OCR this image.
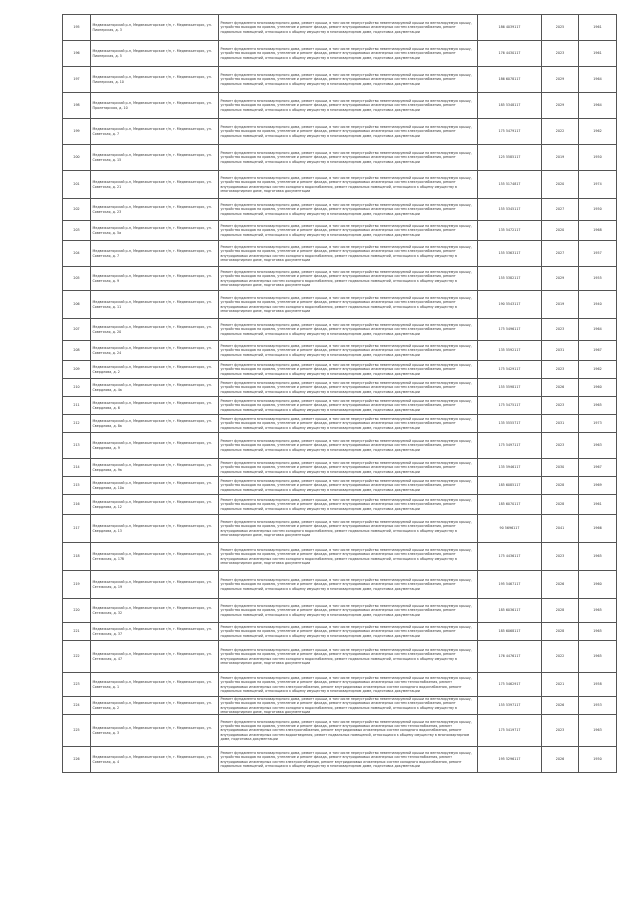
195	Медвежьегорский р-н, Медвежьегорское г/п, г. Медвежьегорск, ул. Пионерская, д. 3	Ремонт фундамента многоквартирного дома, ремонт крыши, в том числе переустройство невентилируемой крыши на вентилируемую крышу, устройство выходов на кровлю, утепление и ремонт фасада, ремонт внутридомовых инженерных систем электроснабжения, ремонт подвальных помещений, относящихся к общему имуществу в многоквартирном доме, подготовка документации	186 4039117	2025	1961
196	Медвежьегорский р-н, Медвежьегорское г/п, г. Медвежьегорск, ул. Пионерская, д. 5	Ремонт фундамента многоквартирного дома, ремонт крыши, в том числе переустройство невентилируемой крыши на вентилируемую крышу, устройство выходов на кровлю, утепление и ремонт фасада, ремонт внутридомовых инженерных систем электроснабжения, ремонт подвальных помещений, относящихся к общему имуществу в многоквартирном доме, подготовка документации	176 4430117	2023	1961
197	Медвежьегорский р-н, Медвежьегорское г/п, г. Медвежьегорск, ул. Пионерская, д. 10	Ремонт фундамента многоквартирного дома, ремонт крыши, в том числе переустройство невентилируемой крыши на вентилируемую крышу, устройство выходов на кровлю, утепление и ремонт фасада, ремонт внутридомовых инженерных систем электроснабжения, ремонт подвальных помещений, относящихся к общему имуществу в многоквартирном доме, подготовка документации	186 6078117	2029	1964
198	Медвежьегорский р-н, Медвежьегорское г/п, г. Медвежьегорск, ул. Пролетарская, д. 10	Ремонт фундамента многоквартирного дома, ремонт крыши, в том числе переустройство невентилируемой крыши на вентилируемую крышу, устройство выходов на кровлю, утепление и ремонт фасада, ремонт внутридомовых инженерных систем электроснабжения, ремонт подвальных помещений, относящихся к общему имуществу в многоквартирном доме, подготовка документации	185 5348117	2029	1964
199	Медвежьегорский р-н, Медвежьегорское г/п, г. Медвежьегорск, ул. Советская, д. 7	Ремонт фундамента многоквартирного дома, ремонт крыши, в том числе переустройство невентилируемой крыши на вентилируемую крышу, устройство выходов на кровлю, утепление и ремонт фасада, ремонт внутридомовых инженерных систем электроснабжения, ремонт подвальных помещений, относящихся к общему имуществу в многоквартирном доме, подготовка документации	175 5479117	2022	1962
200	Медвежьегорский р-н, Медвежьегорское г/п, г. Медвежьегорск, ул. Советская, д. 15	Ремонт фундамента многоквартирного дома, ремонт крыши, в том числе переустройство невентилируемой крыши на вентилируемую крышу, устройство выходов на кровлю, утепление и ремонт фасада, ремонт внутридомовых инженерных систем электроснабжения, ремонт подвальных помещений, относящихся к общему имуществу в многоквартирном доме, подготовка документации	125 5585117	2019	1950
201	Медвежьегорский р-н, Медвежьегорское г/п, г. Медвежьегорск, ул. Советская, д. 21	Ремонт фундамента многоквартирного дома, ремонт крыши, в том числе переустройство невентилируемой крыши на вентилируемую крышу, устройство выходов на кровлю, утепление и ремонт фасада, ремонт внутридомовых инженерных систем электроснабжения, ремонт внутридомовых инженерных систем холодного водоснабжения, ремонт подвальных помещений, относящихся к общему имуществу в многоквартирном доме, подготовка документации	155 5174817	2020	1974
202	Медвежьегорский р-н, Медвежьегорское г/п, г. Медвежьегорск, ул. Советская, д. 23	Ремонт фундамента многоквартирного дома, ремонт крыши, в том числе переустройство невентилируемой крыши на вентилируемую крышу, устройство выходов на кровлю, утепление и ремонт фасада, ремонт внутридомовых инженерных систем электроснабжения, ремонт подвальных помещений, относящихся к общему имуществу в многоквартирном доме, подготовка документации	155 5345117	2027	1950
203	Медвежьегорский р-н, Медвежьегорское г/п, г. Медвежьегорск, ул. Советская, д. 5а	Ремонт фундамента многоквартирного дома, ремонт крыши, в том числе переустройство невентилируемой крыши на вентилируемую крышу, устройство выходов на кровлю, утепление и ремонт фасада, ремонт внутридомовых инженерных систем электроснабжения, ремонт подвальных помещений, относящихся к общему имуществу в многоквартирном доме, подготовка документации	135 5472117	2020	1968
204	Медвежьегорский р-н, Медвежьегорское г/п, г. Медвежьегорск, ул. Советская, д. 7	Ремонт фундамента многоквартирного дома, ремонт крыши, в том числе переустройство невентилируемой крыши на вентилируемую крышу, устройство выходов на кровлю, утепление и ремонт фасада, ремонт внутридомовых инженерных систем электроснабжения, ремонт внутридомовых инженерных систем холодного водоснабжения, ремонт подвальных помещений, относящихся к общему имуществу в многоквартирном доме, подготовка документации	155 5363117	2027	1957
205	Медвежьегорский р-н, Медвежьегорское г/п, г. Медвежьегорск, ул. Советская, д. 9	Ремонт фундамента многоквартирного дома, ремонт крыши, в том числе переустройство невентилируемой крыши на вентилируемую крышу, устройство выходов на кровлю, утепление и ремонт фасада, ремонт внутридомовых инженерных систем электроснабжения, ремонт внутридомовых инженерных систем холодного водоснабжения, ремонт подвальных помещений, относящихся к общему имуществу в многоквартирном доме, подготовка документации	155 5382117	2029	1955
206	Медвежьегорский р-н, Медвежьегорское г/п, г. Медвежьегорск, ул. Советская, д. 11	Ремонт фундамента многоквартирного дома, ремонт крыши, в том числе переустройство невентилируемой крыши на вентилируемую крышу, устройство выходов на кровлю, утепление и ремонт фасада, ремонт внутридомовых инженерных систем электроснабжения, ремонт внутридомовых инженерных систем холодного водоснабжения, ремонт подвальных помещений, относящихся к общему имуществу в многоквартирном доме, подготовка документации	190 5543117	2019	1940
207	Медвежьегорский р-н, Медвежьегорское г/п, г. Медвежьегорск, ул. Советская, д. 20	Ремонт фундамента многоквартирного дома, ремонт крыши, в том числе переустройство невентилируемой крыши на вентилируемую крышу, устройство выходов на кровлю, утепление и ремонт фасада, ремонт внутридомовых инженерных систем электроснабжения, ремонт подвальных помещений, относящихся к общему имуществу в многоквартирном доме, подготовка документации	175 5496117	2023	1964
208	Медвежьегорский р-н, Медвежьегорское г/п, г. Медвежьегорск, ул. Советская, д. 24	Ремонт фундамента многоквартирного дома, ремонт крыши, в том числе переустройство невентилируемой крыши на вентилируемую крышу, устройство выходов на кровлю, утепление и ремонт фасада, ремонт внутридомовых инженерных систем электроснабжения, ремонт подвальных помещений, относящихся к общему имуществу в многоквартирном доме, подготовка документации	135 5592117	2031	1967
209	Медвежьегорский р-н, Медвежьегорское г/п, г. Медвежьегорск, ул. Свердлова, д. 2	Ремонт фундамента многоквартирного дома, ремонт крыши, в том числе переустройство невентилируемой крыши на вентилируемую крышу, устройство выходов на кровлю, утепление и ремонт фасада, ремонт внутридомовых инженерных систем электроснабжения, ремонт подвальных помещений, относящихся к общему имуществу в многоквартирном доме, подготовка документации	175 5429117	2023	1962
210	Медвежьегорский р-н, Медвежьегорское г/п, г. Медвежьегорск, ул. Свердлова, д. 4а	Ремонт фундамента многоквартирного дома, ремонт крыши, в том числе переустройство невентилируемой крыши на вентилируемую крышу, устройство выходов на кровлю, утепление и ремонт фасада, ремонт внутридомовых инженерных систем электроснабжения, ремонт подвальных помещений, относящихся к общему имуществу в многоквартирном доме, подготовка документации	155 5598117	2026	1960
211	Медвежьегорский р-н, Медвежьегорское г/п, г. Медвежьегорск, ул. Свердлова, д. 6	Ремонт фундамента многоквартирного дома, ремонт крыши, в том числе переустройство невентилируемой крыши на вентилируемую крышу, устройство выходов на кровлю, утепление и ремонт фасада, ремонт внутридомовых инженерных систем электроснабжения, ремонт подвальных помещений, относящихся к общему имуществу в многоквартирном доме, подготовка документации	175 5475117	2023	1965
212	Медвежьегорский р-н, Медвежьегорское г/п, г. Медвежьегорск, ул. Свердлова, д. 8а	Ремонт фундамента многоквартирного дома, ремонт крыши, в том числе переустройство невентилируемой крыши на вентилируемую крышу, устройство выходов на кровлю, утепление и ремонт фасада, ремонт внутридомовых инженерных систем электроснабжения, ремонт подвальных помещений, относящихся к общему имуществу в многоквартирном доме, подготовка документации	135 5555717	2031	1973
213	Медвежьегорский р-н, Медвежьегорское г/п, г. Медвежьегорск, ул. Свердлова, д. 9	Ремонт фундамента многоквартирного дома, ремонт крыши, в том числе переустройство невентилируемой крыши на вентилируемую крышу, устройство выходов на кровлю, утепление и ремонт фасада, ремонт внутридомовых инженерных систем электроснабжения, ремонт подвальных помещений, относящихся к общему имуществу в многоквартирном доме, подготовка документации	175 5497117	2023	1963
214	Медвежьегорский р-н, Медвежьегорское г/п, г. Медвежьегорск, ул. Свердлова, д. 9а	Ремонт фундамента многоквартирного дома, ремонт крыши, в том числе переустройство невентилируемой крыши на вентилируемую крышу, устройство выходов на кровлю, утепление и ремонт фасада, ремонт внутридомовых инженерных систем электроснабжения, ремонт подвальных помещений, относящихся к общему имуществу в многоквартирном доме, подготовка документации	135 5946117	2030	1967
215	Медвежьегорский р-н, Медвежьегорское г/п, г. Медвежьегорск, ул. Свердлова, д. 10а	Ремонт фундамента многоквартирного дома, ремонт крыши, в том числе переустройство невентилируемой крыши на вентилируемую крышу, устройство выходов на кровлю, утепление и ремонт фасада, ремонт внутридомовых инженерных систем электроснабжения, ремонт подвальных помещений, относящихся к общему имуществу в многоквартирном доме, подготовка документации	185 6085117	2028	1969
216	Медвежьегорский р-н, Медвежьегорское г/п, г. Медвежьегорск, ул. Свердлова, д. 12	Ремонт фундамента многоквартирного дома, ремонт крыши, в том числе переустройство невентилируемой крыши на вентилируемую крышу, устройство выходов на кровлю, утепление и ремонт фасада, ремонт внутридомовых инженерных систем электроснабжения, ремонт подвальных помещений, относящихся к общему имуществу в многоквартирном доме, подготовка документации	185 6070117	2028	1961
217	Медвежьегорский р-н, Медвежьегорское г/п, г. Медвежьегорск, ул. Свердлова, д. 13	Ремонт фундамента многоквартирного дома, ремонт крыши, в том числе переустройство невентилируемой крыши на вентилируемую крышу, устройство выходов на кровлю, утепление и ремонт фасада, ремонт внутридомовых инженерных систем электроснабжения, ремонт внутридомовых инженерных систем холодного водоснабжения, ремонт подвальных помещений, относящихся к общему имуществу в многоквартирном доме, подготовка документации	90 5696117	2041	1966
218	Медвежьегорский р-н, Медвежьегорское г/п, г. Медвежьегорск, ул. Сегежская, д. 17б	Ремонт фундамента многоквартирного дома, ремонт крыши, в том числе переустройство невентилируемой крыши на вентилируемую крышу, устройство выходов на кровлю, утепление и ремонт фасада, ремонт внутридомовых инженерных систем электроснабжения, ремонт внутридомовых инженерных систем холодного водоснабжения, ремонт подвальных помещений, относящихся к общему имуществу в многоквартирном доме, подготовка документации	175 4436117	2023	1965
219	Медвежьегорский р-н, Медвежьегорское г/п, г. Медвежьегорск, ул. Сегежская, д. 19	Ремонт фундамента многоквартирного дома, ремонт крыши, в том числе переустройство невентилируемой крыши на вентилируемую крышу, устройство выходов на кровлю, утепление и ремонт фасада, ремонт внутридомовых инженерных систем электроснабжения, ремонт подвальных помещений, относящихся к общему имуществу в многоквартирном доме, подготовка документации	195 5467117	2026	1960
220	Медвежьегорский р-н, Медвежьегорское г/п, г. Медвежьегорск, ул. Сегежская, д. 32	Ремонт фундамента многоквартирного дома, ремонт крыши, в том числе переустройство невентилируемой крыши на вентилируемую крышу, устройство выходов на кровлю, утепление и ремонт фасада, ремонт внутридомовых инженерных систем электроснабжения, ремонт подвальных помещений, относящихся к общему имуществу в многоквартирном доме, подготовка документации	185 6036117	2028	1965
221	Медвежьегорский р-н, Медвежьегорское г/п, г. Медвежьегорск, ул. Сегежская, д. 37	Ремонт фундамента многоквартирного дома, ремонт крыши, в том числе переустройство невентилируемой крыши на вентилируемую крышу, устройство выходов на кровлю, утепление и ремонт фасада, ремонт внутридомовых инженерных систем электроснабжения, ремонт подвальных помещений, относящихся к общему имуществу в многоквартирном доме, подготовка документации	185 6068117	2028	1965
222	Медвежьегорский р-н, Медвежьегорское г/п, г. Медвежьегорск, ул. Сегежская, д. 47	Ремонт фундамента многоквартирного дома, ремонт крыши, в том числе переустройство невентилируемой крыши на вентилируемую крышу, устройство выходов на кровлю, утепление и ремонт фасада, ремонт внутридомовых инженерных систем электроснабжения, ремонт внутридомовых инженерных систем холодного водоснабжения, ремонт подвальных помещений, относящихся к общему имуществу в многоквартирном доме, подготовка документации	176 4476117	2022	1965
223	Медвежьегорский р-н, Медвежьегорское г/п, г. Медвежьегорск, ул. Советская, д. 1	Ремонт фундамента многоквартирного дома, ремонт крыши, в том числе переустройство невентилируемой крыши на вентилируемую крышу, устройство выходов на кровлю, утепление и ремонт фасада, ремонт внутридомовых инженерных систем теплоснабжения, ремонт внутридомовых инженерных систем электроснабжения, ремонт внутридомовых инженерных систем холодного водоснабжения, ремонт подвальных помещений, относящихся к общему имуществу в многоквартирном доме, подготовка документации	175 5462917	2021	1958
224	Медвежьегорский р-н, Медвежьегорское г/п, г. Медвежьегорск, ул. Советская, д. 2	Ремонт фундамента многоквартирного дома, ремонт крыши, в том числе переустройство невентилируемой крыши на вентилируемую крышу, устройство выходов на кровлю, утепление и ремонт фасада, ремонт внутридомовых инженерных систем электроснабжения, ремонт внутридомовых инженерных систем холодного водоснабжения, ремонт подвальных помещений, относящихся к общему имуществу в многоквартирном доме, подготовка документации	155 5397117	2026	1953
225	Медвежьегорский р-н, Медвежьегорское г/п, г. Медвежьегорск, ул. Советская, д. 3	Ремонт фундамента многоквартирного дома, ремонт крыши, в том числе переустройство невентилируемой крыши на вентилируемую крышу, устройство выходов на кровлю, утепление и ремонт фасада, ремонт внутридомовых инженерных систем теплоснабжения, ремонт внутридомовых инженерных систем электроснабжения, ремонт внутридомовых инженерных систем холодного водоснабжения, ремонт внутридомовых инженерных систем водоотведения, ремонт подвальных помещений, относящихся к общему имуществу в многоквартирном доме, подготовка документации	175 5419717	2023	1963
226	Медвежьегорский р-н, Медвежьегорское г/п, г. Медвежьегорск, ул. Советская, д. 4	Ремонт фундамента многоквартирного дома, ремонт крыши, в том числе переустройство невентилируемой крыши на вентилируемую крышу, устройство выходов на кровлю, утепление и ремонт фасада, ремонт внутридомовых инженерных систем теплоснабжения, ремонт внутридомовых инженерных систем электроснабжения, ремонт внутридомовых инженерных систем холодного водоснабжения, ремонт подвальных помещений, относящихся к общему имуществу в многоквартирном доме, подготовка документации	195 5296117	2026	1950
